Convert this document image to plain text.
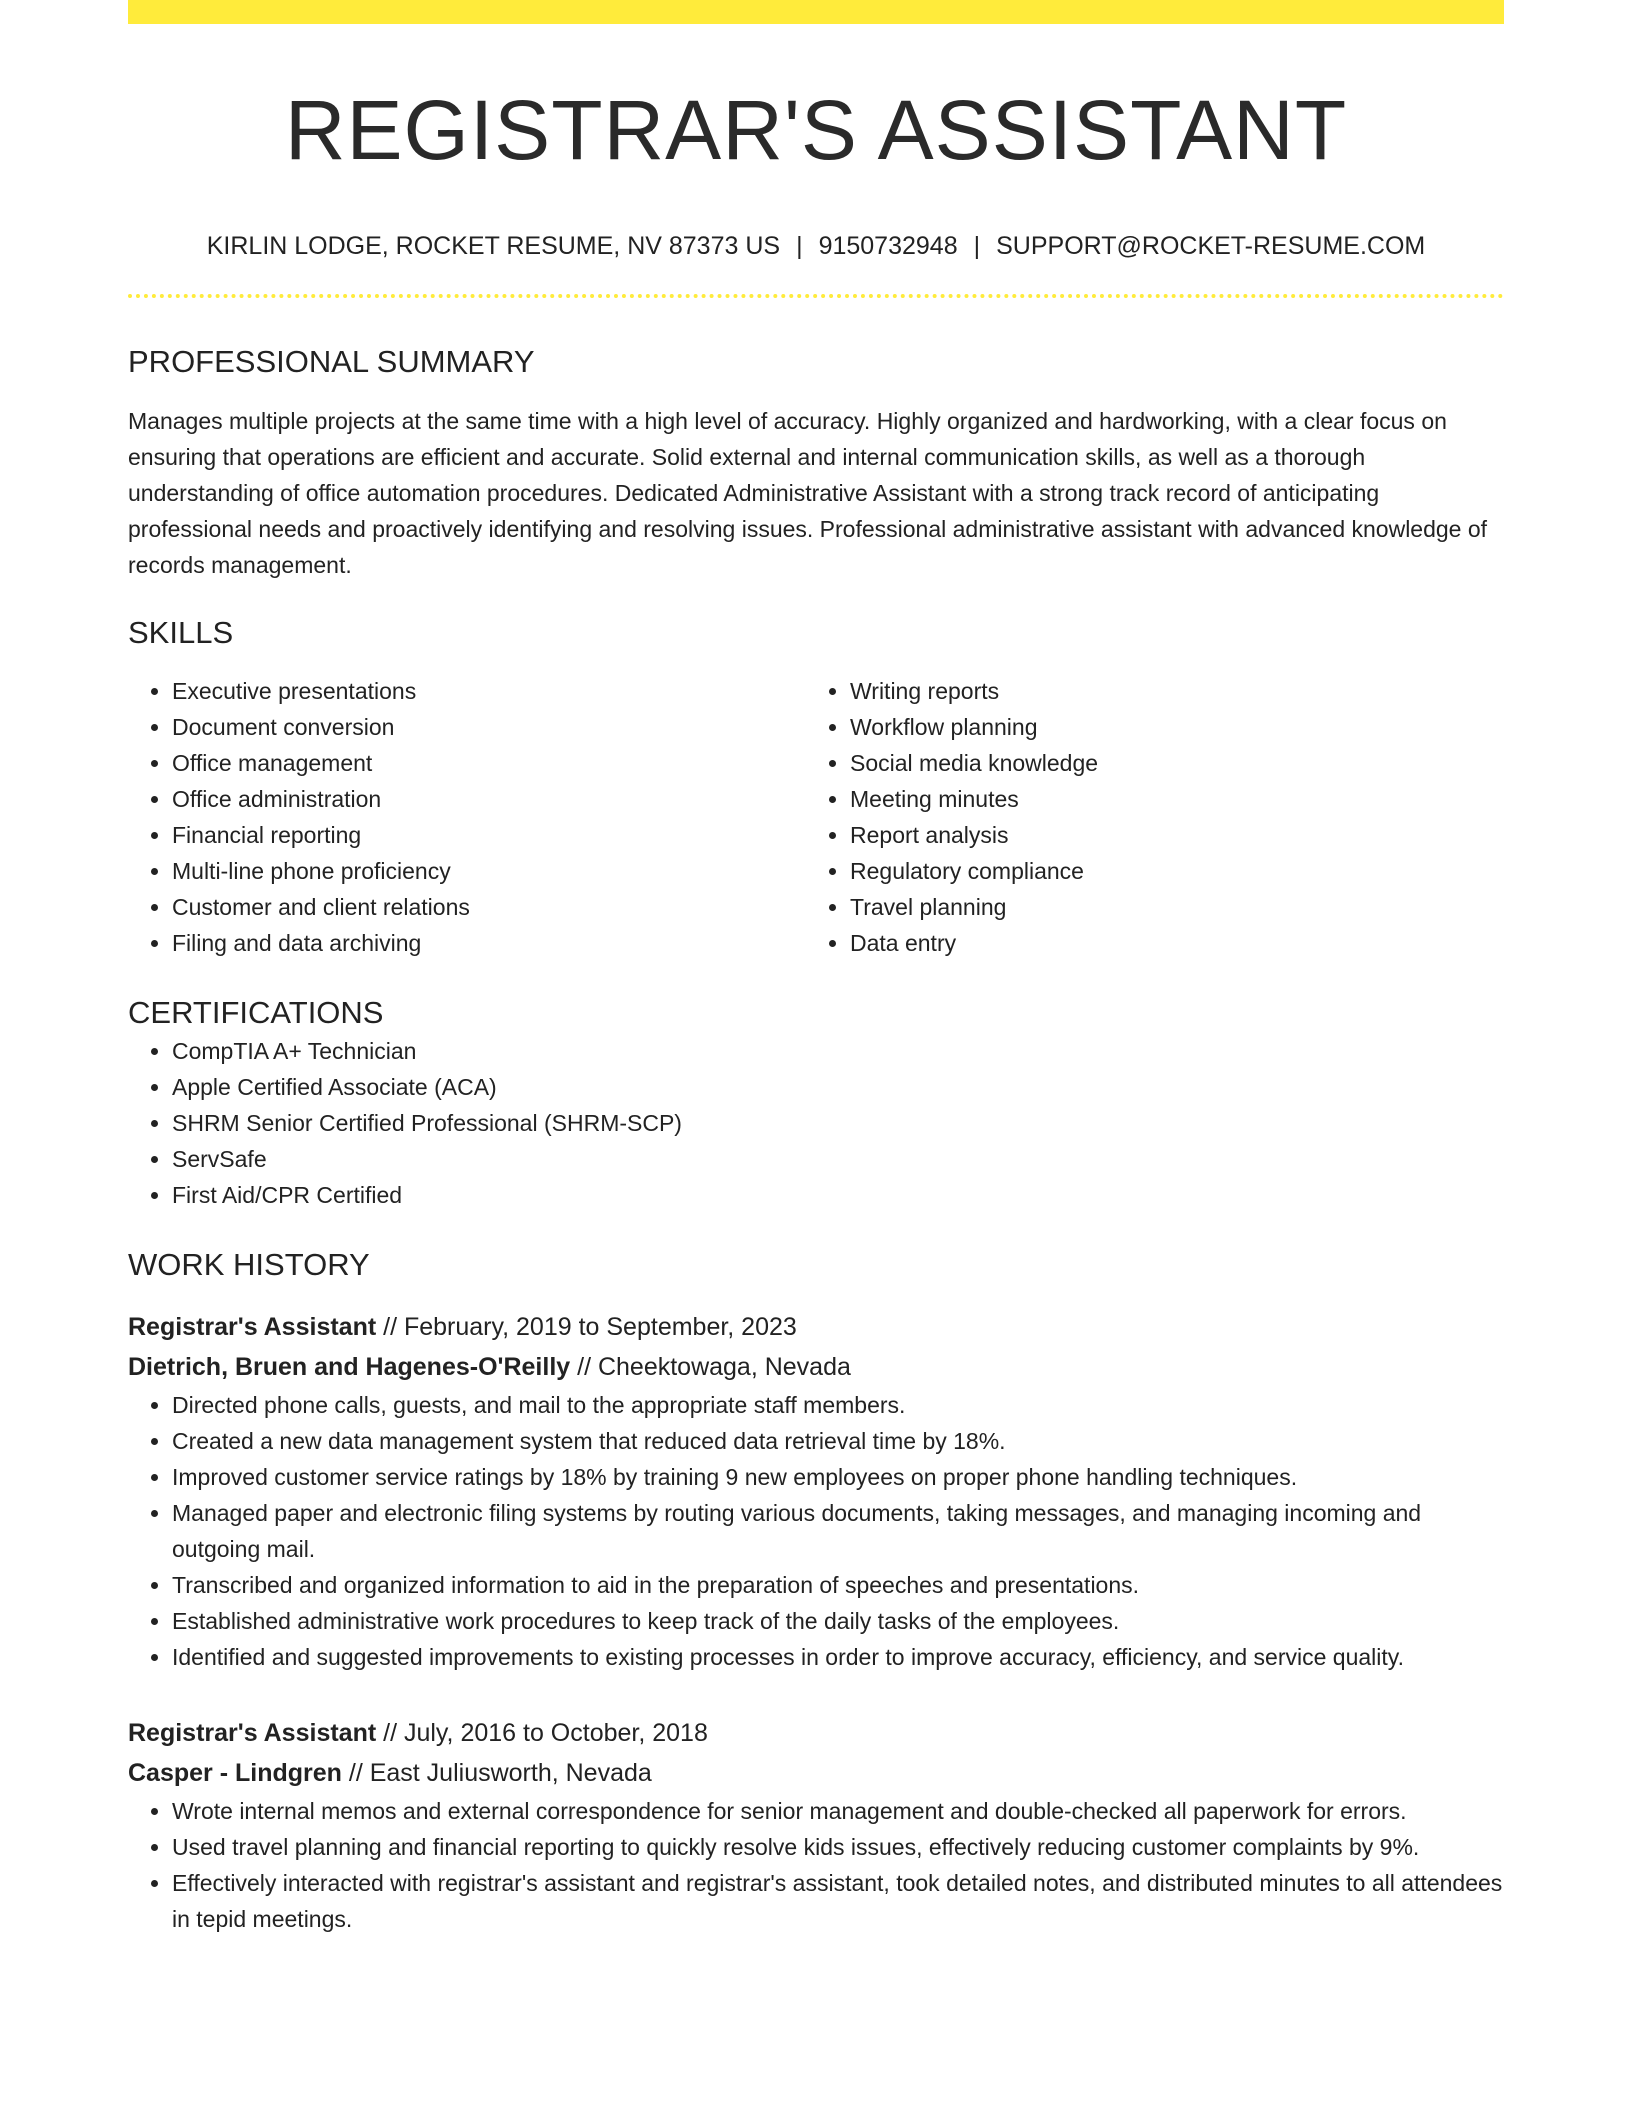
REGISTRAR'S ASSISTANT
KIRLIN LODGE, ROCKET RESUME, NV 87373 US | 9150732948 | SUPPORT@ROCKET-RESUME.COM
PROFESSIONAL SUMMARY
Manages multiple projects at the same time with a high level of accuracy. Highly organized and hardworking, with a clear focus on ensuring that operations are efficient and accurate. Solid external and internal communication skills, as well as a thorough understanding of office automation procedures. Dedicated Administrative Assistant with a strong track record of anticipating professional needs and proactively identifying and resolving issues. Professional administrative assistant with advanced knowledge of records management.
SKILLS
• Executive presentations
• Document conversion
• Office management
• Office administration
• Financial reporting
• Multi-line phone proficiency
• Customer and client relations
• Filing and data archiving
• Writing reports
• Workflow planning
• Social media knowledge
• Meeting minutes
• Report analysis
• Regulatory compliance
• Travel planning
• Data entry
CERTIFICATIONS
• CompTIA A+ Technician
• Apple Certified Associate (ACA)
• SHRM Senior Certified Professional (SHRM-SCP)
• ServSafe
• First Aid/CPR Certified
WORK HISTORY
Registrar's Assistant // February, 2019 to September, 2023
Dietrich, Bruen and Hagenes-O'Reilly // Cheektowaga, Nevada
• Directed phone calls, guests, and mail to the appropriate staff members.
• Created a new data management system that reduced data retrieval time by 18%.
• Improved customer service ratings by 18% by training 9 new employees on proper phone handling techniques.
• Managed paper and electronic filing systems by routing various documents, taking messages, and managing incoming and outgoing mail.
• Transcribed and organized information to aid in the preparation of speeches and presentations.
• Established administrative work procedures to keep track of the daily tasks of the employees.
• Identified and suggested improvements to existing processes in order to improve accuracy, efficiency, and service quality.
Registrar's Assistant // July, 2016 to October, 2018
Casper - Lindgren // East Juliusworth, Nevada
• Wrote internal memos and external correspondence for senior management and double-checked all paperwork for errors.
• Used travel planning and financial reporting to quickly resolve kids issues, effectively reducing customer complaints by 9%.
• Effectively interacted with registrar's assistant and registrar's assistant, took detailed notes, and distributed minutes to all attendees in tepid meetings.
